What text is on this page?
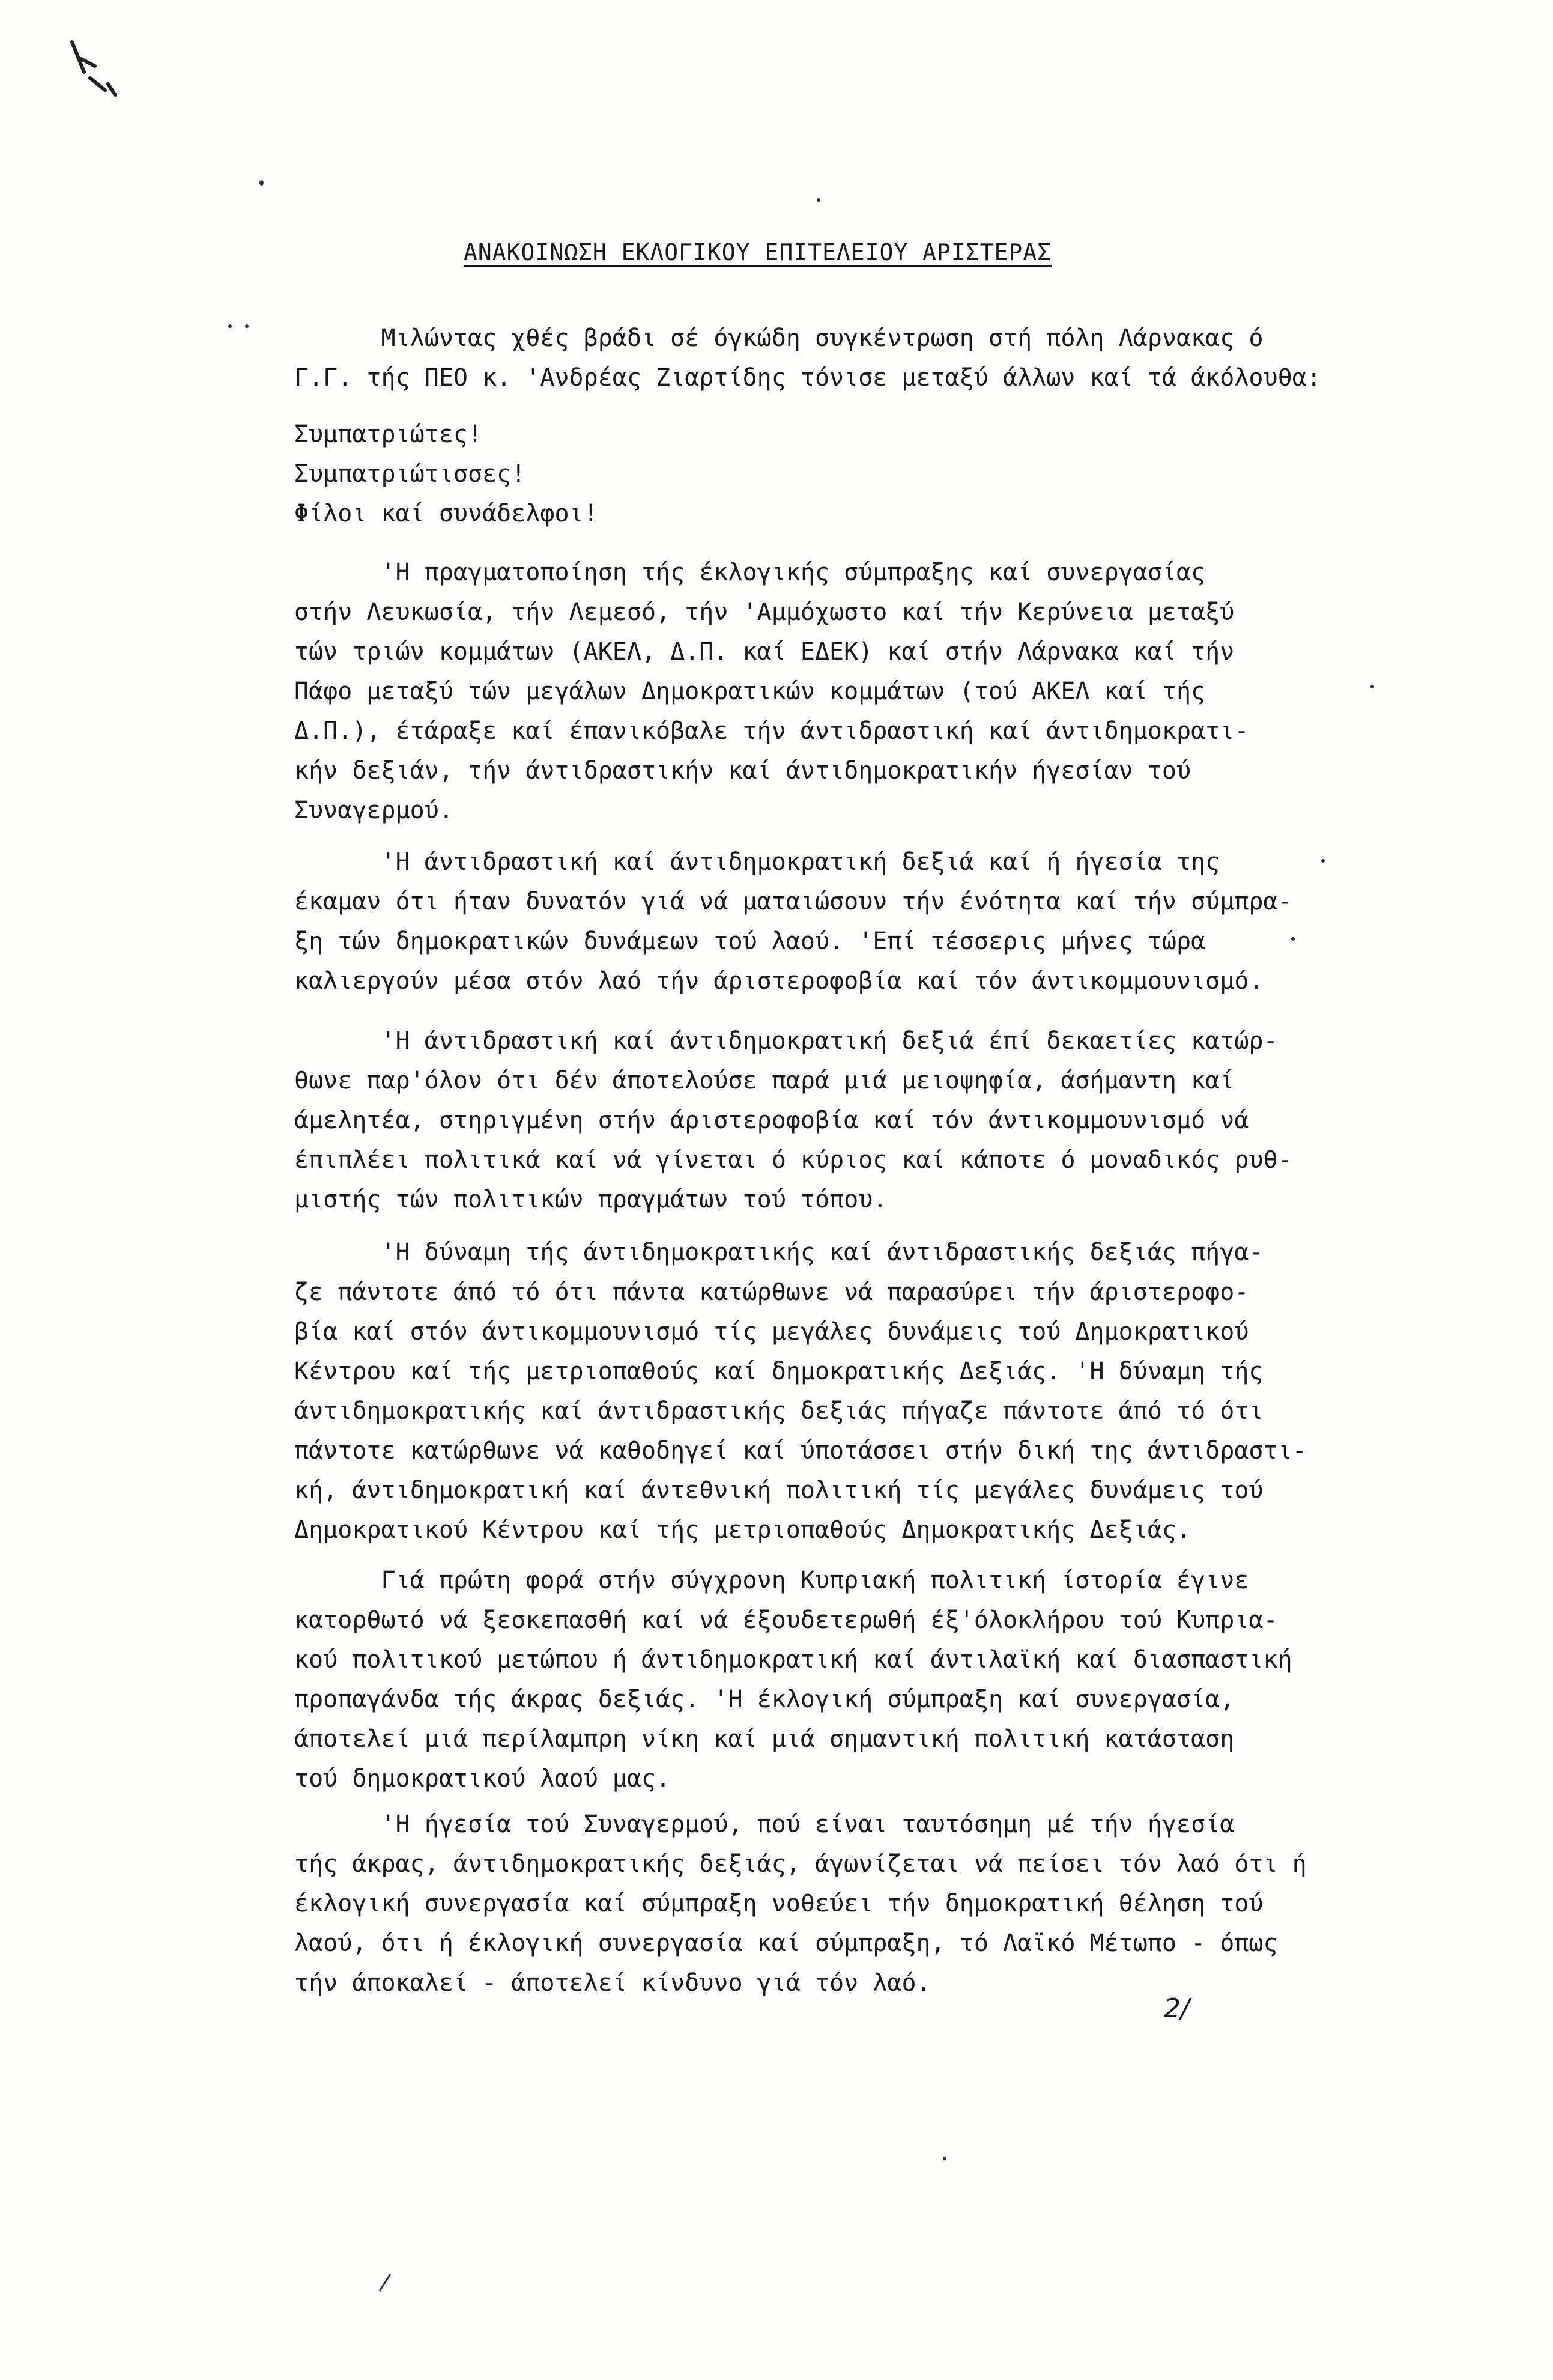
ΑΝΑΚΟΙΝΩΣΗ ΕΚΛΟΓΙΚΟΥ ΕΠΙΤΕΛΕΙΟΥ ΑΡΙΣΤΕΡΑΣ
Μιλώντας χθές βράδι σέ όγκώδη συγκέντρωση στή πόλη Λάρνακας ό
Γ.Γ. τής ΠΕΟ κ. 'Ανδρέας Ζιαρτίδης τόνισε μεταξύ άλλων καί τά άκόλουθα:
Συμπατριώτες!
Συμπατριώτισσες!
Φίλοι καί συνάδελφοι!
'Η πραγματοποίηση τής έκλογικής σύμπραξης καί συνεργασίας
στήν Λευκωσία, τήν Λεμεσό, τήν 'Αμμόχωστο καί τήν Κερύνεια μεταξύ
τών τριών κομμάτων (ΑΚΕΛ, Δ.Π. καί ΕΔΕΚ) καί στήν Λάρνακα καί τήν
Πάφο μεταξύ τών μεγάλων Δημοκρατικών κομμάτων (τού ΑΚΕΛ καί τής
Δ.Π.), έτάραξε καί έπανικόβαλε τήν άντιδραστική καί άντιδημοκρατι-
κήν δεξιάν, τήν άντιδραστικήν καί άντιδημοκρατικήν ήγεσίαν τού
Συναγερμού.
'Η άντιδραστική καί άντιδημοκρατική δεξιά καί ή ήγεσία της
έκαμαν ότι ήταν δυνατόν γιά νά ματαιώσουν τήν ένότητα καί τήν σύμπρα-
ξη τών δημοκρατικών δυνάμεων τού λαού. 'Επί τέσσερις μήνες τώρα
καλιεργούν μέσα στόν λαό τήν άριστεροφοβία καί τόν άντικομμουνισμό.
'Η άντιδραστική καί άντιδημοκρατική δεξιά έπί δεκαετίες κατώρ-
θωνε παρ'όλον ότι δέν άποτελούσε παρά μιά μειοψηφία, άσήμαντη καί
άμελητέα, στηριγμένη στήν άριστεροφοβία καί τόν άντικομμουνισμό νά
έπιπλέει πολιτικά καί νά γίνεται ό κύριος καί κάποτε ό μοναδικός ρυθ-
μιστής τών πολιτικών πραγμάτων τού τόπου.
'Η δύναμη τής άντιδημοκρατικής καί άντιδραστικής δεξιάς πήγα-
ζε πάντοτε άπό τό ότι πάντα κατώρθωνε νά παρασύρει τήν άριστεροφο-
βία καί στόν άντικομμουνισμό τίς μεγάλες δυνάμεις τού Δημοκρατικού
Κέντρου καί τής μετριοπαθούς καί δημοκρατικής Δεξιάς. 'Η δύναμη τής
άντιδημοκρατικής καί άντιδραστικής δεξιάς πήγαζε πάντοτε άπό τό ότι
πάντοτε κατώρθωνε νά καθοδηγεί καί ύποτάσσει στήν δική της άντιδραστι-
κή, άντιδημοκρατική καί άντεθνική πολιτική τίς μεγάλες δυνάμεις τού
Δημοκρατικού Κέντρου καί τής μετριοπαθούς Δημοκρατικής Δεξιάς.
Γιά πρώτη φορά στήν σύγχρονη Κυπριακή πολιτική ίστορία έγινε
κατορθωτό νά ξεσκεπασθή καί νά έξουδετερωθή έξ'όλοκλήρου τού Κυπρια-
κού πολιτικού μετώπου ή άντιδημοκρατική καί άντιλαϊκή καί διασπαστική
προπαγάνδα τής άκρας δεξιάς. 'Η έκλογική σύμπραξη καί συνεργασία,
άποτελεί μιά περίλαμπρη νίκη καί μιά σημαντική πολιτική κατάσταση
τού δημοκρατικού λαού μας.
'Η ήγεσία τού Συναγερμού, πού είναι ταυτόσημη μέ τήν ήγεσία
τής άκρας, άντιδημοκρατικής δεξιάς, άγωνίζεται νά πείσει τόν λαό ότι ή
έκλογική συνεργασία καί σύμπραξη νοθεύει τήν δημοκρατική θέληση τού
λαού, ότι ή έκλογική συνεργασία καί σύμπραξη, τό Λαϊκό Μέτωπο - όπως
τήν άποκαλεί - άποτελεί κίνδυνο γιά τόν λαό.
2/
